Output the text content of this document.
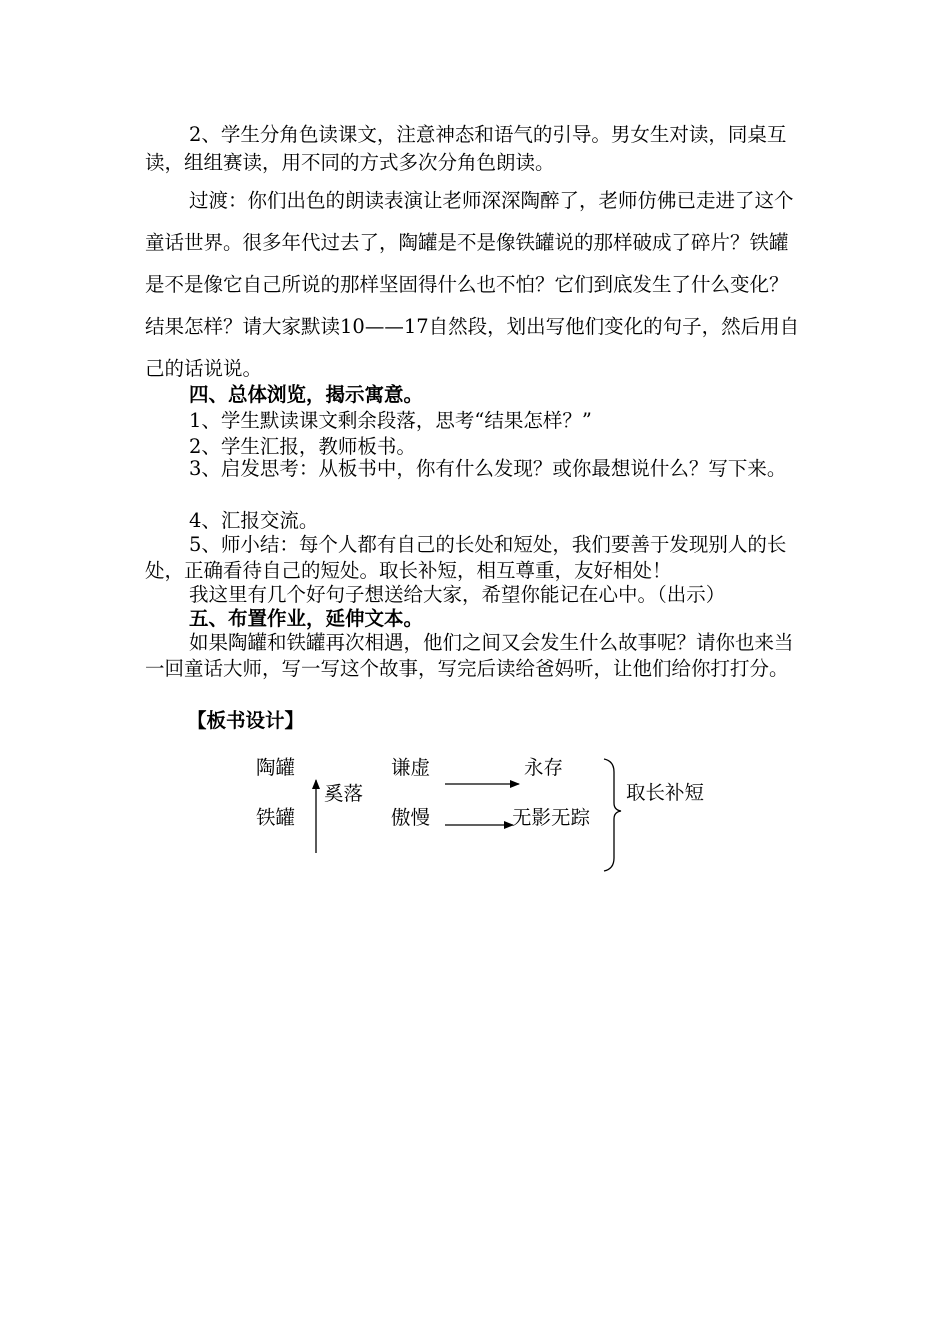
2、学生分角色读课文，注意神态和语气的引导。男女生对读，同桌互读，组组赛读，用不同的方式多次分角色朗读。

过渡：你们出色的朗读表演让老师深深陶醉了，老师仿佛已走进了这个童话世界。很多年代过去了，陶罐是不是像铁罐说的那样破成了碎片？铁罐是不是像它自己所说的那样坚固得什么也不怕？它们到底发生了什么变化？结果怎样？请大家默读10——17自然段，划出写他们变化的句子，然后用自己的话说说。

四、总体浏览，揭示寓意。

1、学生默读课文剩余段落，思考“结果怎样？”

2、学生汇报，教师板书。

3、启发思考：从板书中，你有什么发现？或你最想说什么？写下来。

4、汇报交流。

5、师小结：每个人都有自己的长处和短处，我们要善于发现别人的长处，正确看待自己的短处。取长补短，相互尊重，友好相处！

我这里有几个好句子想送给大家，希望你能记在心中。（出示）

五、布置作业，延伸文本。

如果陶罐和铁罐再次相遇，他们之间又会发生什么故事呢？请你也来当一回童话大师，写一写这个故事，写完后读给爸妈听，让他们给你打打分。

【板书设计】

陶罐
铁罐
奚落
谦虚
傲慢
永存
无影无踪
取长补短
